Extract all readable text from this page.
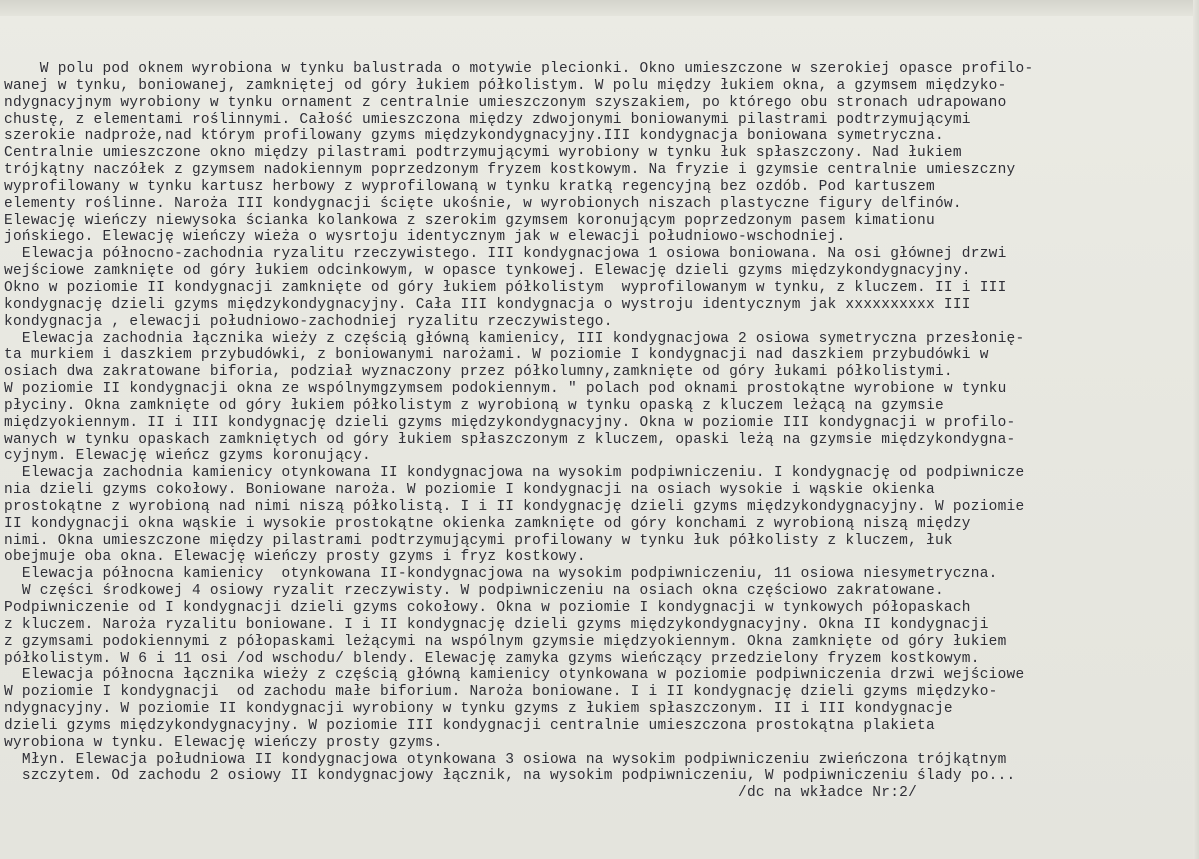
W polu pod oknem wyrobiona w tynku balustrada o motywie plecionki. Okno umieszczone w szerokiej opasce profilo-
wanej w tynku, boniowanej, zamkniętej od góry łukiem półkolistym. W polu między łukiem okna, a gzymsem międzyko-
ndygnacyjnym wyrobiony w tynku ornament z centralnie umieszczonym szyszakiem, po którego obu stronach udrapowano
chustę, z elementami roślinnymi. Całość umieszczona między zdwojonymi boniowanymi pilastrami podtrzymującymi
szerokie nadproże,nad którym profilowany gzyms międzykondygnacyjny.III kondygnacja boniowana symetryczna.
Centralnie umieszczone okno między pilastrami podtrzymującymi wyrobiony w tynku łuk spłaszczony. Nad łukiem
trójkątny naczółek z gzymsem nadokiennym poprzedzonym fryzem kostkowym. Na fryzie i gzymsie centralnie umieszczny
wyprofilowany w tynku kartusz herbowy z wyprofilowaną w tynku kratką regencyjną bez ozdób. Pod kartuszem
elementy roślinne. Naroża III kondygnacji ścięte ukośnie, w wyrobionych niszach plastyczne figury delfinów.
Elewację wieńczy niewysoka ścianka kolankowa z szerokim gzymsem koronującym poprzedzonym pasem kimationu
jońskiego. Elewację wieńczy wieża o wysrtoju identycznym jak w elewacji południowo-wschodniej.
Elewacja północno-zachodnia ryzalitu rzeczywistego. III kondygnacjowa 1 osiowa boniowana. Na osi głównej drzwi
wejściowe zamknięte od góry łukiem odcinkowym, w opasce tynkowej. Elewację dzieli gzyms międzykondygnacyjny.
Okno w poziomie II kondygnacji zamknięte od góry łukiem półkolistym  wyprofilowanym w tynku, z kluczem. II i III
kondygnację dzieli gzyms międzykondygnacyjny. Cała III kondygnacja o wystroju identycznym jak xxxxxxxxxx III
kondygnacja , elewacji południowo-zachodniej ryzalitu rzeczywistego.
Elewacja zachodnia łącznika wieży z częścią główną kamienicy, III kondygnacjowa 2 osiowa symetryczna przesłonię-
ta murkiem i daszkiem przybudówki, z boniowanymi narożami. W poziomie I kondygnacji nad daszkiem przybudówki w
osiach dwa zakratowane biforia, podział wyznaczony przez półkolumny,zamknięte od góry łukami półkolistymi.
W poziomie II kondygnacji okna ze wspólnymgzymsem podokiennym. " polach pod oknami prostokątne wyrobione w tynku
płyciny. Okna zamknięte od góry łukiem półkolistym z wyrobioną w tynku opaską z kluczem leżącą na gzymsie
międzyokiennym. II i III kondygnację dzieli gzyms międzykondygnacyjny. Okna w poziomie III kondygnacji w profilo-
wanych w tynku opaskach zamkniętych od góry łukiem spłaszczonym z kluczem, opaski leżą na gzymsie międzykondygna-
cyjnym. Elewację wieńcz gzyms koronujący.
Elewacja zachodnia kamienicy otynkowana II kondygnacjowa na wysokim podpiwniczeniu. I kondygnację od podpiwnicze
nia dzieli gzyms cokołowy. Boniowane naroża. W poziomie I kondygnacji na osiach wysokie i wąskie okienka
prostokątne z wyrobioną nad nimi niszą półkolistą. I i II kondygnację dzieli gzyms międzykondygnacyjny. W poziomie
II kondygnacji okna wąskie i wysokie prostokątne okienka zamknięte od góry konchami z wyrobioną niszą między
nimi. Okna umieszczone między pilastrami podtrzymującymi profilowany w tynku łuk półkolisty z kluczem, łuk
obejmuje oba okna. Elewację wieńczy prosty gzyms i fryz kostkowy.
Elewacja północna kamienicy  otynkowana II-kondygnacjowa na wysokim podpiwniczeniu, 11 osiowa niesymetryczna.
W części środkowej 4 osiowy ryzalit rzeczywisty. W podpiwniczeniu na osiach okna częściowo zakratowane.
Podpiwniczenie od I kondygnacji dzieli gzyms cokołowy. Okna w poziomie I kondygnacji w tynkowych półopaskach
z kluczem. Naroża ryzalitu boniowane. I i II kondygnację dzieli gzyms międzykondygnacyjny. Okna II kondygnacji
z gzymsami podokiennymi z półopaskami leżącymi na wspólnym gzymsie międzyokiennym. Okna zamknięte od góry łukiem
półkolistym. W 6 i 11 osi /od wschodu/ blendy. Elewację zamyka gzyms wieńczący przedzielony fryzem kostkowym.
Elewacja północna łącznika wieży z częścią główną kamienicy otynkowana w poziomie podpiwniczenia drzwi wejściowe
W poziomie I kondygnacji  od zachodu małe biforium. Naroża boniowane. I i II kondygnację dzieli gzyms międzyko-
ndygnacyjny. W poziomie II kondygnacji wyrobiony w tynku gzyms z łukiem spłaszczonym. II i III kondygnacje
dzieli gzyms międzykondygnacyjny. W poziomie III kondygnacji centralnie umieszczona prostokątna plakieta
wyrobiona w tynku. Elewację wieńczy prosty gzyms.
Młyn. Elewacja południowa II kondygnacjowa otynkowana 3 osiowa na wysokim podpiwniczeniu zwieńczona trójkątnym
szczytem. Od zachodu 2 osiowy II kondygnacjowy łącznik, na wysokim podpiwniczeniu, W podpiwniczeniu ślady po...
/dc na wkładce Nr:2/
